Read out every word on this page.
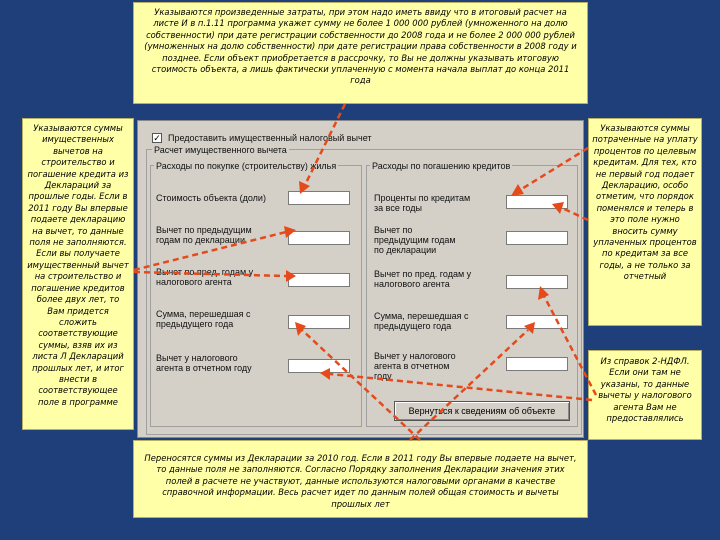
Указываются произведенные затраты, при этом надо иметь ввиду что в итоговый расчет на листе И в п.1.11 программа укажет сумму не более 1 000 000 рублей (умноженного на долю собственности) при дате регистрации собственности до 2008 года и не более 2 000 000 рублей (умноженных на долю собственности) при дате регистрации права собственности в 2008 году и позднее. Если объект приобретается в рассрочку, то Вы не должны указывать итоговую стоимость объекта, а лишь фактически уплаченную с момента начала выплат до конца 2011 года
Указываются суммы имущественных вычетов на строительство и погашение кредита из Деклараций за прошлые годы. Если в 2011 году Вы впервые подаете декларацию на вычет, то данные поля не заполняются. Если вы получаете имущественный вычет на строительство и погашение кредитов более двух лет, то Вам придется сложить соответствующие суммы, взяв их из листа Л Деклараций прошлых лет, и итог внести в соответствующее поле в программе
Указываются суммы потраченные на уплату процентов по целевым кредитам. Для тех, кто не первый год подает Декларацию, особо отметим, что порядок поменялся и теперь в это поле нужно вносить сумму уплаченных процентов по кредитам за все годы, а не только за отчетный
Из справок 2-НДФЛ. Если они там не указаны, то данные вычеты у налогового агента Вам не предоставлялись
Переносятся суммы из Декларации за 2010 год. Если в 2011 году Вы впервые подаете на вычет, то данные поля не заполняются. Согласно Порядку заполнения Декларации значения этих полей в расчете не участвуют, данные используются налоговыми органами в качестве справочной информации. Весь расчет идет по данным полей общая стоимость и вычеты прошлых лет
✓ Предоставить имущественный налоговый вычет
Расчет имущественного вычета
Расходы по покупке (строительству) жилья	Расходы по погашению кредитов
Стоимость объекта (доли)
Вычет по предыдущим
годам по декларации
Вычет по пред. годам у
налогового агента
Сумма, перешедшая с
предыдущего года
Вычет у налогового
агента в отчетном году
Проценты по кредитам
за все годы
Вычет по
предыдущим годам
по декларации
Вычет по пред. годам у
налогового агента
Сумма, перешедшая с
предыдущего года
Вычет у налогового
агента в отчетном
году
Вернуться к сведениям об объекте
